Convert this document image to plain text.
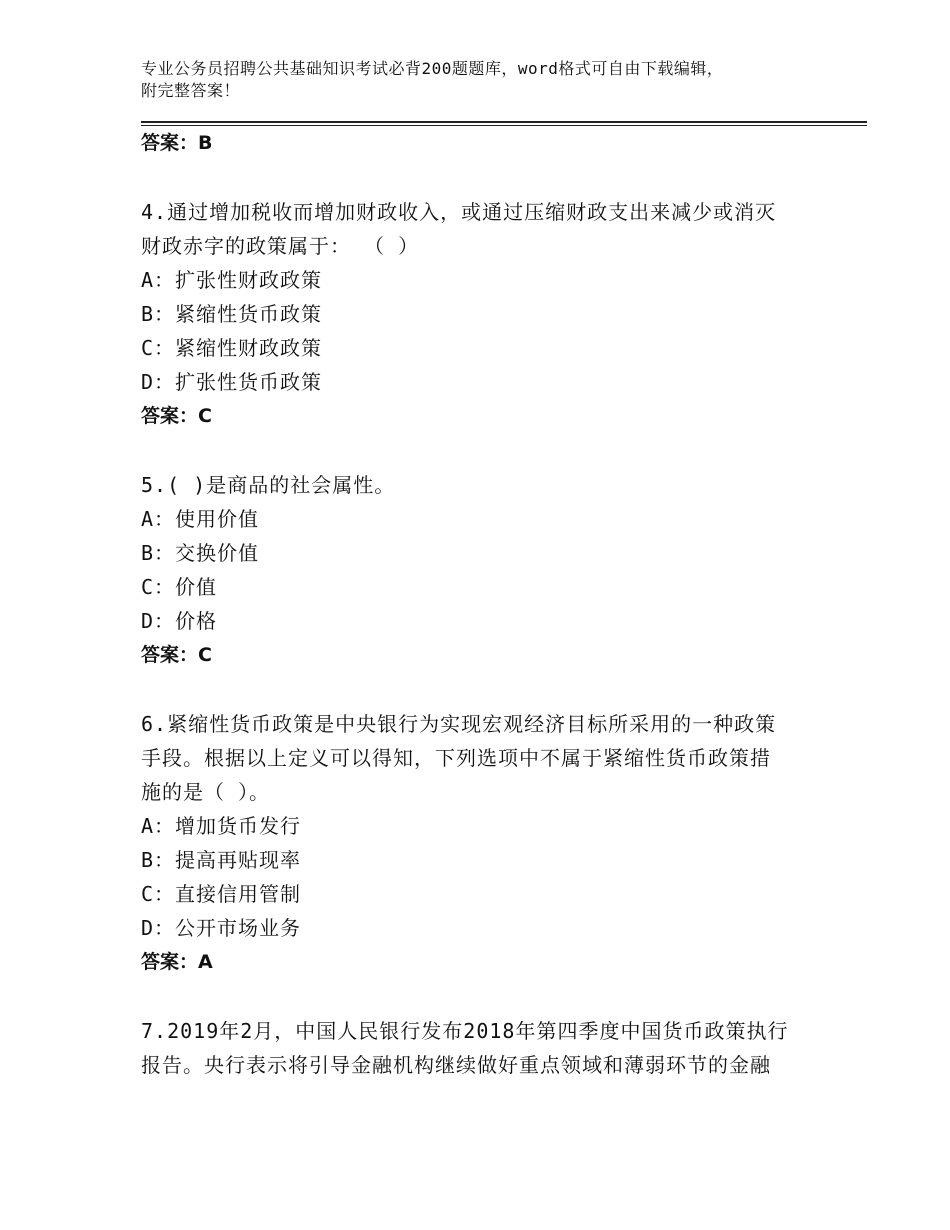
专业公务员招聘公共基础知识考试必背200题题库，word格式可自由下载编辑，
附完整答案！
答案：B
4.通过增加税收而增加财政收入，或通过压缩财政支出来减少或消灭
财政赤字的政策属于： （ ）
A：扩张性财政政策
B：紧缩性货币政策
C：紧缩性财政政策
D：扩张性货币政策
答案：C
5.( )是商品的社会属性。
A：使用价值
B：交换价值
C：价值
D：价格
答案：C
6.紧缩性货币政策是中央银行为实现宏观经济目标所采用的一种政策
手段。根据以上定义可以得知，下列选项中不属于紧缩性货币政策措
施的是（ ）。
A：增加货币发行
B：提高再贴现率
C：直接信用管制
D：公开市场业务
答案：A
7.2019年2月，中国人民银行发布2018年第四季度中国货币政策执行
报告。央行表示将引导金融机构继续做好重点领域和薄弱环节的金融
